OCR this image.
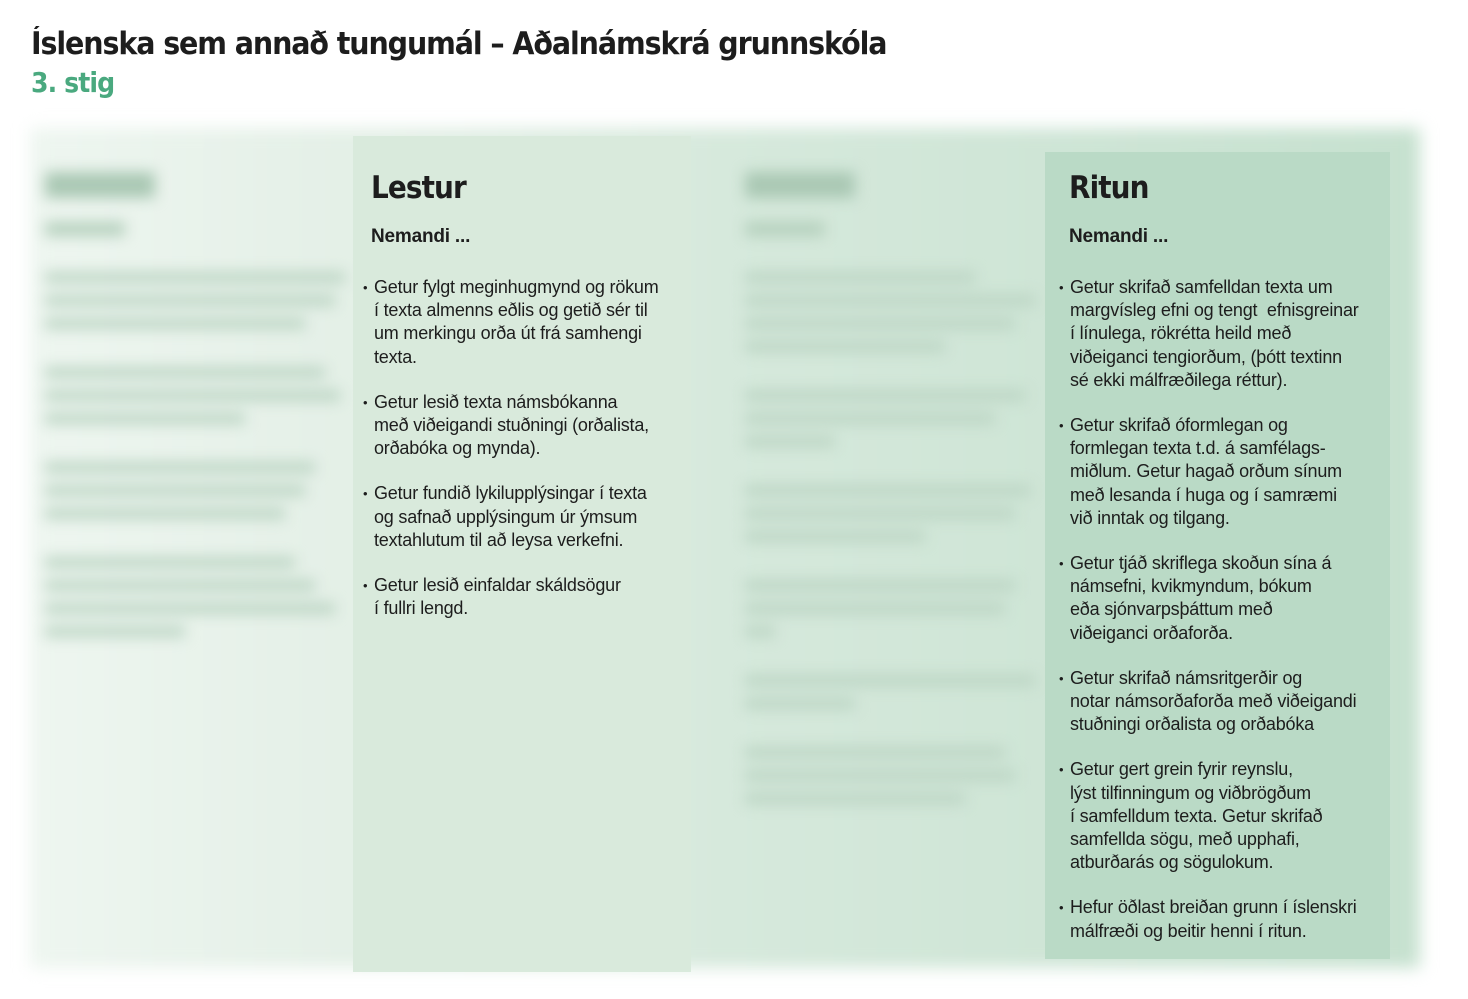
Íslenska sem annað tungumál – Aðalnámskrá grunnskóla
3. stig
Lestur
Nemandi ...
• Getur fylgt meginhugmynd og rökum
í texta almenns eðlis og getið sér til
um merkingu orða út frá samhengi
texta.
• Getur lesið texta námsbókanna
með viðeigandi stuðningi (orðalista,
orðabóka og mynda).
• Getur fundið lykilupplýsingar í texta
og safnað upplýsingum úr ýmsum
textahlutum til að leysa verkefni.
• Getur lesið einfaldar skáldsögur
í fullri lengd.
Ritun
Nemandi ...
• Getur skrifað samfelldan texta um
margvísleg efni og tengt  efnisgreinar
í línulega, rökrétta heild með
viðeiganci tengiorðum, (þótt textinn
sé ekki málfræðilega réttur).
• Getur skrifað óformlegan og
formlegan texta t.d. á samfélags-
miðlum. Getur hagað orðum sínum
með lesanda í huga og í samræmi
við inntak og tilgang.
• Getur tjáð skriflega skoðun sína á
námsefni, kvikmyndum, bókum
eða sjónvarpsþáttum með
viðeiganci orðaforða.
• Getur skrifað námsritgerðir og
notar námsorðaforða með viðeigandi
stuðningi orðalista og orðabóka
• Getur gert grein fyrir reynslu,
lýst tilfinningum og viðbrögðum
í samfelldum texta. Getur skrifað
samfellda sögu, með upphafi,
atburðarás og sögulokum.
• Hefur öðlast breiðan grunn í íslenskri
málfræði og beitir henni í ritun.
